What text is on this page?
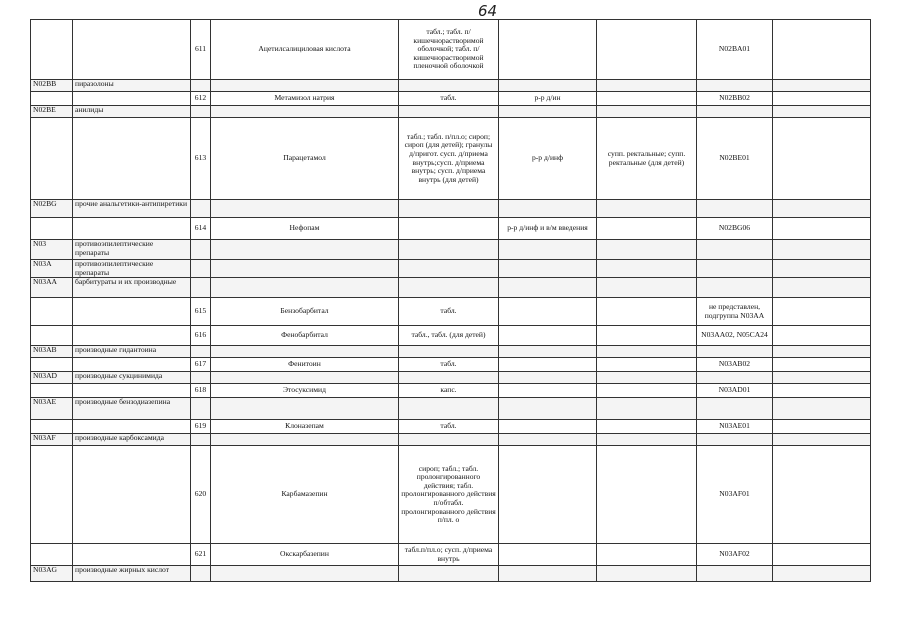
64
		611	Ацетилсалициловая кислота	табл.; табл. п/кишечнорастворимой оболочкой; табл. п/кишечнорастворимой пленочной оболочкой			N02BA01	
N02BB	пиразолоны							
		612	Метамизол натрия	табл.	р-р д/ин		N02BB02	
N02BE	анилиды							
		613	Парацетамол	табл.; табл. п/пл.о; сироп; сироп (для детей); гранулы д/пригот. сусп. д/приема внутрь;сусп. д/приема внутрь; сусп. д/приема внутрь (для детей)	р-р д/инф	супп. ректальные; супп. ректальные (для детей)	N02BE01	
N02BG	прочие анальгетики-антипиретики							
		614	Нефопам		р-р д/инф и в/м введения		N02BG06	
N03	противоэпилептические препараты							
N03A	противоэпилептические препараты							
N03AA	барбитураты и их производные							
		615	Бензобарбитал	табл.			не представлен, подгруппа N03AA	
		616	Фенобарбитал	табл., табл. (для детей)			N03AA02, N05CA24	
N03AB	производные гидантоина							
		617	Фенитоин	табл.			N03AB02	
N03AD	производные сукцинимида							
		618	Этосуксимид	капс.			N03AD01	
N03AE	производные бензодиазепина							
		619	Клоназепам	табл.			N03AE01	
N03AF	производные карбоксамида							
		620	Карбамазепин	сироп; табл.; табл. пролонгированного действия; табл. пролонгированного действия п/обтабл. пролонгированного действия п/пл. о			N03AF01	
		621	Окскарбазепин	табл.п/пл.о; сусп. д/приема внутрь			N03AF02	
N03AG	производные жирных кислот							
